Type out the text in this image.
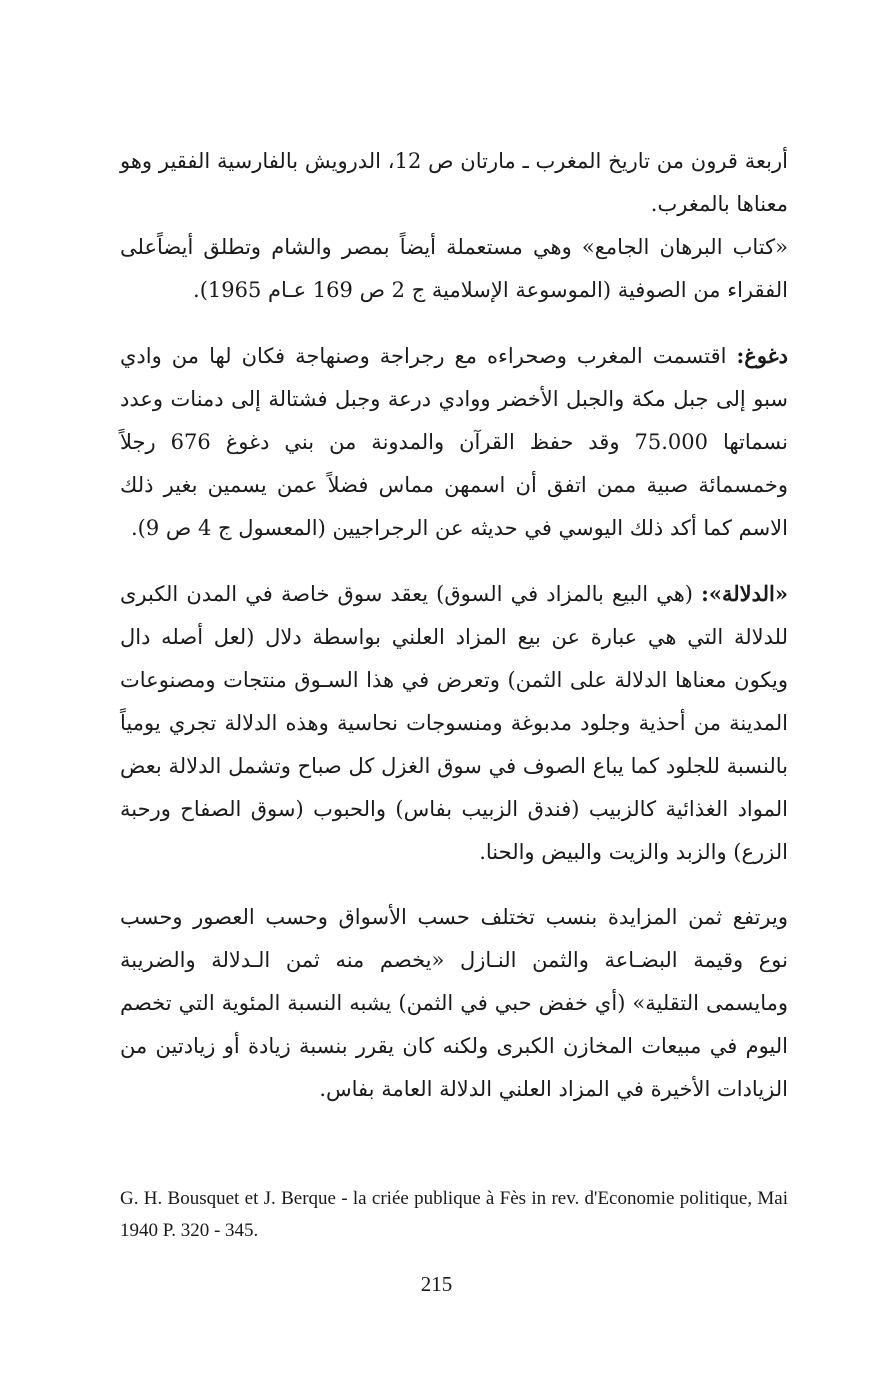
أربعة قرون من تاريخ المغرب ـ مارتان ص 12، الدرويش بالفارسية الفقير وهو معناها بالمغرب.

«كتاب البرهان الجامع» وهي مستعملة أيضاً بمصر والشام وتطلق أيضاًعلى الفقراء من الصوفية (الموسوعة الإسلامية ج 2 ص 169 عـام 1965).

دغوغ: اقتسمت المغرب وصحراءه مع رجراجة وصنهاجة فكان لها من وادي سبو إلى جبل مكة والجبل الأخضر ووادي درعة وجبل فشتالة إلى دمنات وعدد نسماتها 75.000 وقد حفظ القرآن والمدونة من بني دغوغ 676 رجلاً وخمسمائة صبية ممن اتفق أن اسمهن مماس فضلاً عمن يسمين بغير ذلك الاسم كما أكد ذلك اليوسي في حديثه عن الرجراجيين (المعسول ج 4 ص 9).

«الدلالة»: (هي البيع بالمزاد في السوق) يعقد سوق خاصة في المدن الكبرى للدلالة التي هي عبارة عن بيع المزاد العلني بواسطة دلال (لعل أصله دال ويكون معناها الدلالة على الثمن) وتعرض في هذا السـوق منتجات ومصنوعات المدينة من أحذية وجلود مدبوغة ومنسوجات نحاسية وهذه الدلالة تجري يومياً بالنسبة للجلود كما يباع الصوف في سوق الغزل كل صباح وتشمل الدلالة بعض المواد الغذائية كالزبيب (فندق الزبيب بفاس) والحبوب (سوق الصفاح ورحبة الزرع) والزبد والزيت والبيض والحنا.

ويرتفع ثمن المزايدة بنسب تختلف حسب الأسواق وحسب العصور وحسب نوع وقيمة البضـاعة والثمن النـازل «يخصم منه ثمن الـدلالة والضريبة ومايسمى التقلية» (أي خفض حبي في الثمن) يشبه النسبة المئوية التي تخصم اليوم في مبيعات المخازن الكبرى ولكنه كان يقرر بنسبة زيادة أو زيادتين من الزيادات الأخيرة في المزاد العلني الدلالة العامة بفاس.

G. H. Bousquet et J. Berque - la criée publique à Fès in rev. d'Economie politique, Mai 1940 P. 320 - 345.

215
